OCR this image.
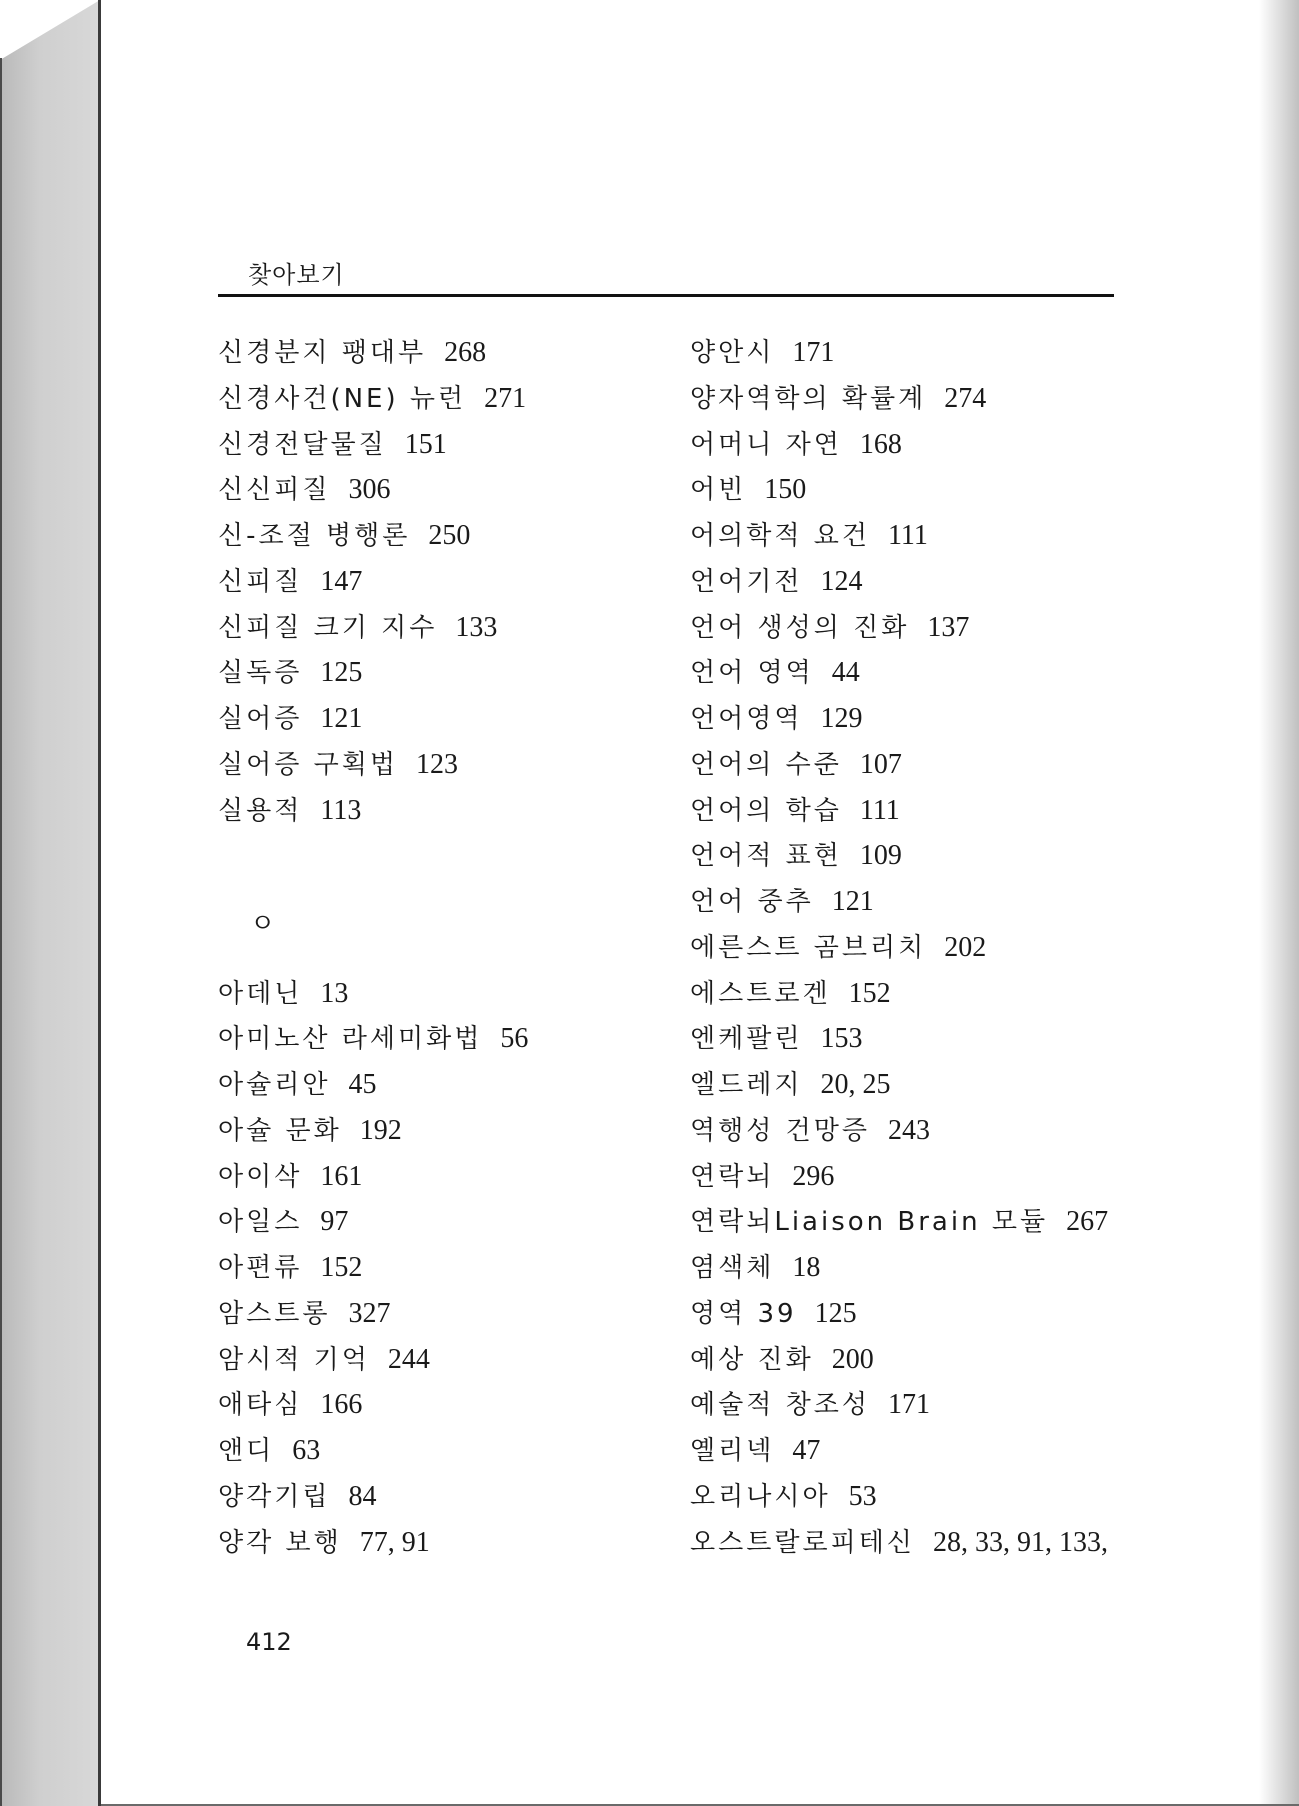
찾아보기
신경분지 팽대부 268
신경사건(NE) 뉴런 271
신경전달물질 151
신신피질 306
신-조절 병행론 250
신피질 147
신피질 크기 지수 133
실독증 125
실어증 121
실어증 구획법 123
실용적 113
ㅇ
아데닌 13
아미노산 라세미화법 56
아슐리안 45
아슐 문화 192
아이삭 161
아일스 97
아편류 152
암스트롱 327
암시적 기억 244
애타심 166
앤디 63
양각기립 84
양각 보행 77, 91
양안시 171
양자역학의 확률계 274
어머니 자연 168
어빈 150
어의학적 요건 111
언어기전 124
언어 생성의 진화 137
언어 영역 44
언어영역 129
언어의 수준 107
언어의 학습 111
언어적 표현 109
언어 중추 121
에른스트 곰브리치 202
에스트로겐 152
엔케팔린 153
엘드레지 20, 25
역행성 건망증 243
연락뇌 296
연락뇌Liaison Brain 모듈 267
염색체 18
영역 39 125
예상 진화 200
예술적 창조성 171
옐리넥 47
오리나시아 53
오스트랄로피테신 28, 33, 91, 133,
412
